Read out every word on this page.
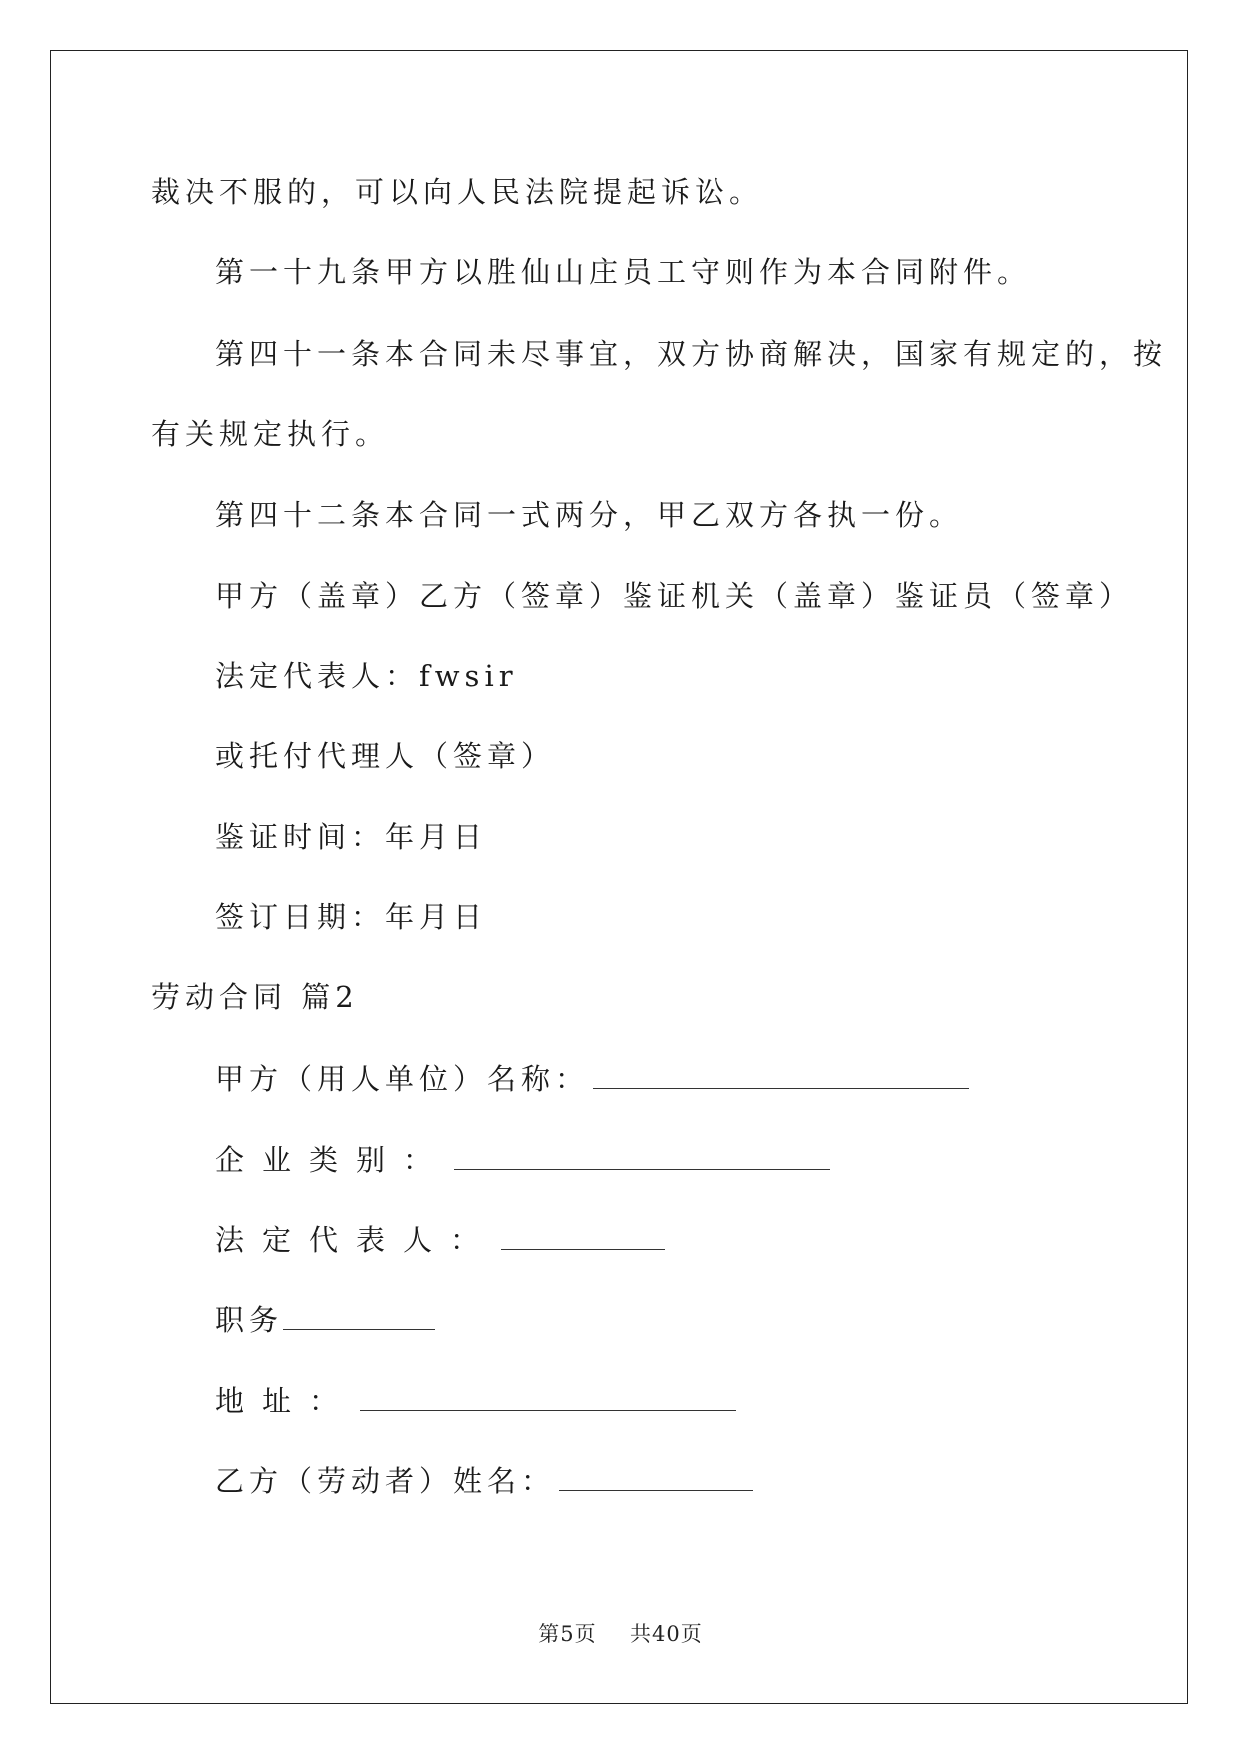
裁决不服的，可以向人民法院提起诉讼。
第一十九条甲方以胜仙山庄员工守则作为本合同附件。
第四十一条本合同未尽事宜，双方协商解决，国家有规定的，按
有关规定执行。
第四十二条本合同一式两分，甲乙双方各执一份。
甲方（盖章）乙方（签章）鉴证机关（盖章）鉴证员（签章）
法定代表人：fwsir
或托付代理人（签章）
鉴证时间：年月日
签订日期：年月日
劳动合同 篇2
甲方（用人单位）名称：
企业类别：
法定代表人：
职务
地址：
乙方（劳动者）姓名：
第5页 共40页
